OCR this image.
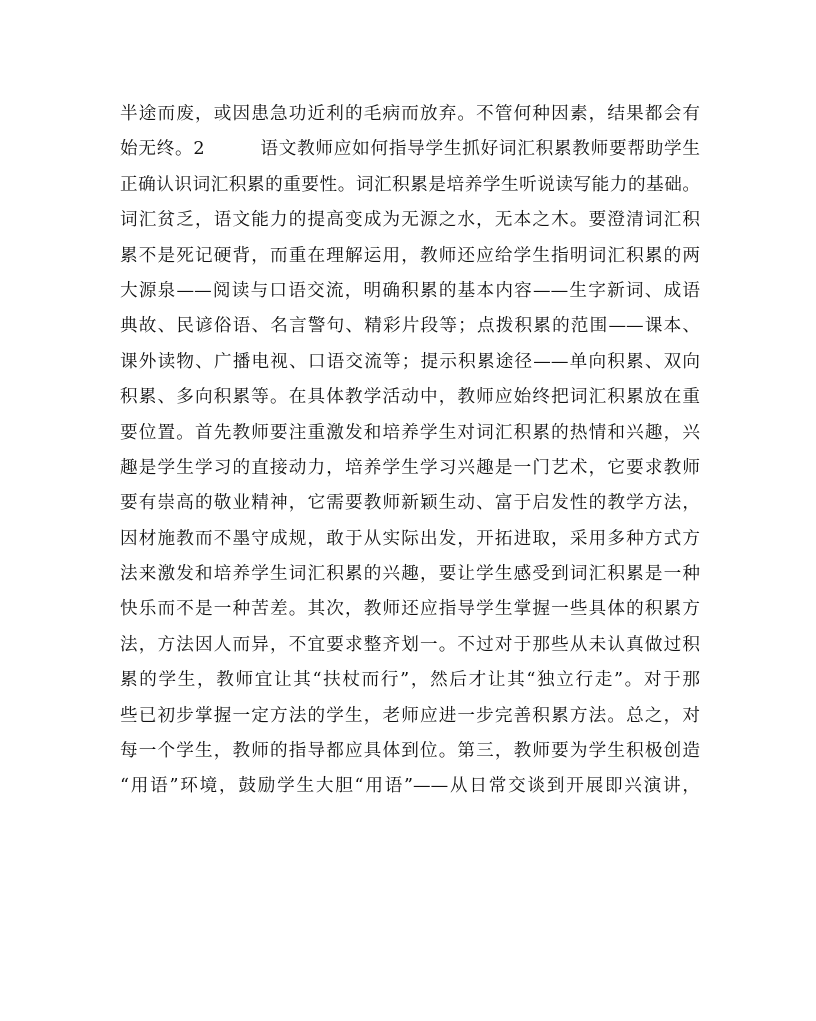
半途而废，或因患急功近利的毛病而放弃。不管何种因素，结果都会有
始无终。2　　　语文教师应如何指导学生抓好词汇积累教师要帮助学生
正确认识词汇积累的重要性。词汇积累是培养学生听说读写能力的基础。
词汇贫乏，语文能力的提高变成为无源之水，无本之木。要澄清词汇积
累不是死记硬背，而重在理解运用，教师还应给学生指明词汇积累的两
大源泉——阅读与口语交流，明确积累的基本内容——生字新词、成语
典故、民谚俗语、名言警句、精彩片段等；点拨积累的范围——课本、
课外读物、广播电视、口语交流等；提示积累途径——单向积累、双向
积累、多向积累等。在具体教学活动中，教师应始终把词汇积累放在重
要位置。首先教师要注重激发和培养学生对词汇积累的热情和兴趣，兴
趣是学生学习的直接动力，培养学生学习兴趣是一门艺术，它要求教师
要有崇高的敬业精神，它需要教师新颖生动、富于启发性的教学方法，
因材施教而不墨守成规，敢于从实际出发，开拓进取，采用多种方式方
法来激发和培养学生词汇积累的兴趣，要让学生感受到词汇积累是一种
快乐而不是一种苦差。其次，教师还应指导学生掌握一些具体的积累方
法，方法因人而异，不宜要求整齐划一。不过对于那些从未认真做过积
累的学生，教师宜让其“扶杖而行”，然后才让其“独立行走”。对于那
些已初步掌握一定方法的学生，老师应进一步完善积累方法。总之，对
每一个学生，教师的指导都应具体到位。第三，教师要为学生积极创造
“用语”环境，鼓励学生大胆“用语”——从日常交谈到开展即兴演讲，
